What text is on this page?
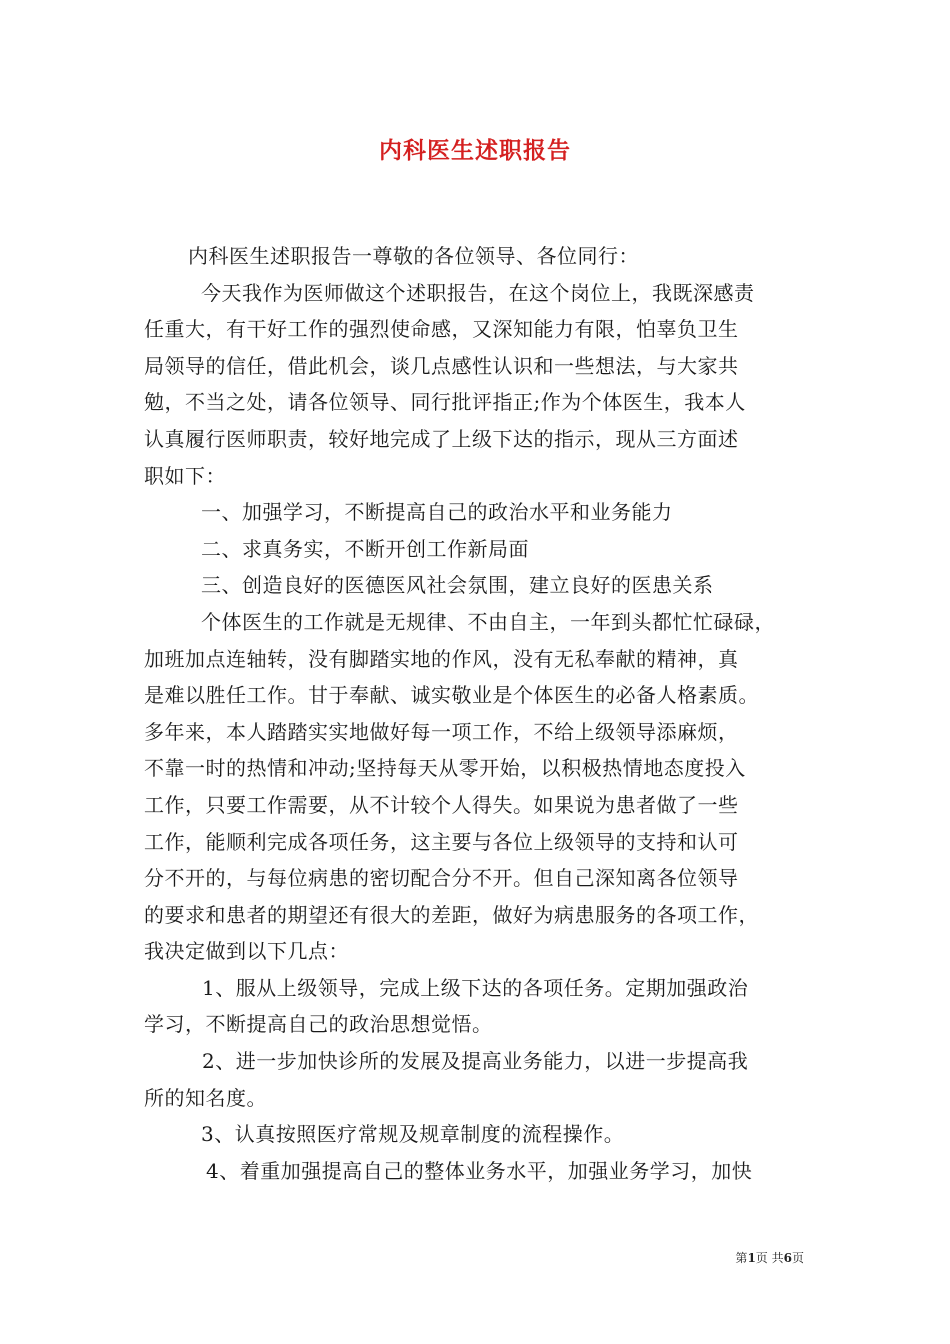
内科医生述职报告

内科医生述职报告一尊敬的各位领导、各位同行：

今天我作为医师做这个述职报告，在这个岗位上，我既深感责

任重大，有干好工作的强烈使命感，又深知能力有限，怕辜负卫生

局领导的信任，借此机会，谈几点感性认识和一些想法，与大家共

勉，不当之处，请各位领导、同行批评指正;作为个体医生，我本人

认真履行医师职责，较好地完成了上级下达的指示，现从三方面述

职如下：

一、加强学习，不断提高自己的政治水平和业务能力

二、求真务实，不断开创工作新局面

三、创造良好的医德医风社会氛围，建立良好的医患关系

个体医生的工作就是无规律、不由自主，一年到头都忙忙碌碌，

加班加点连轴转，没有脚踏实地的作风，没有无私奉献的精神，真

是难以胜任工作。甘于奉献、诚实敬业是个体医生的必备人格素质。

多年来，本人踏踏实实地做好每一项工作，不给上级领导添麻烦，

不靠一时的热情和冲动;坚持每天从零开始，以积极热情地态度投入

工作，只要工作需要，从不计较个人得失。如果说为患者做了一些

工作，能顺利完成各项任务，这主要与各位上级领导的支持和认可

分不开的，与每位病患的密切配合分不开。但自己深知离各位领导

的要求和患者的期望还有很大的差距，做好为病患服务的各项工作，

我决定做到以下几点：

1、服从上级领导，完成上级下达的各项任务。定期加强政治

学习，不断提高自己的政治思想觉悟。

2、进一步加快诊所的发展及提高业务能力，以进一步提高我

所的知名度。

3、认真按照医疗常规及规章制度的流程操作。

4、着重加强提高自己的整体业务水平，加强业务学习，加快

第1页 共6页
